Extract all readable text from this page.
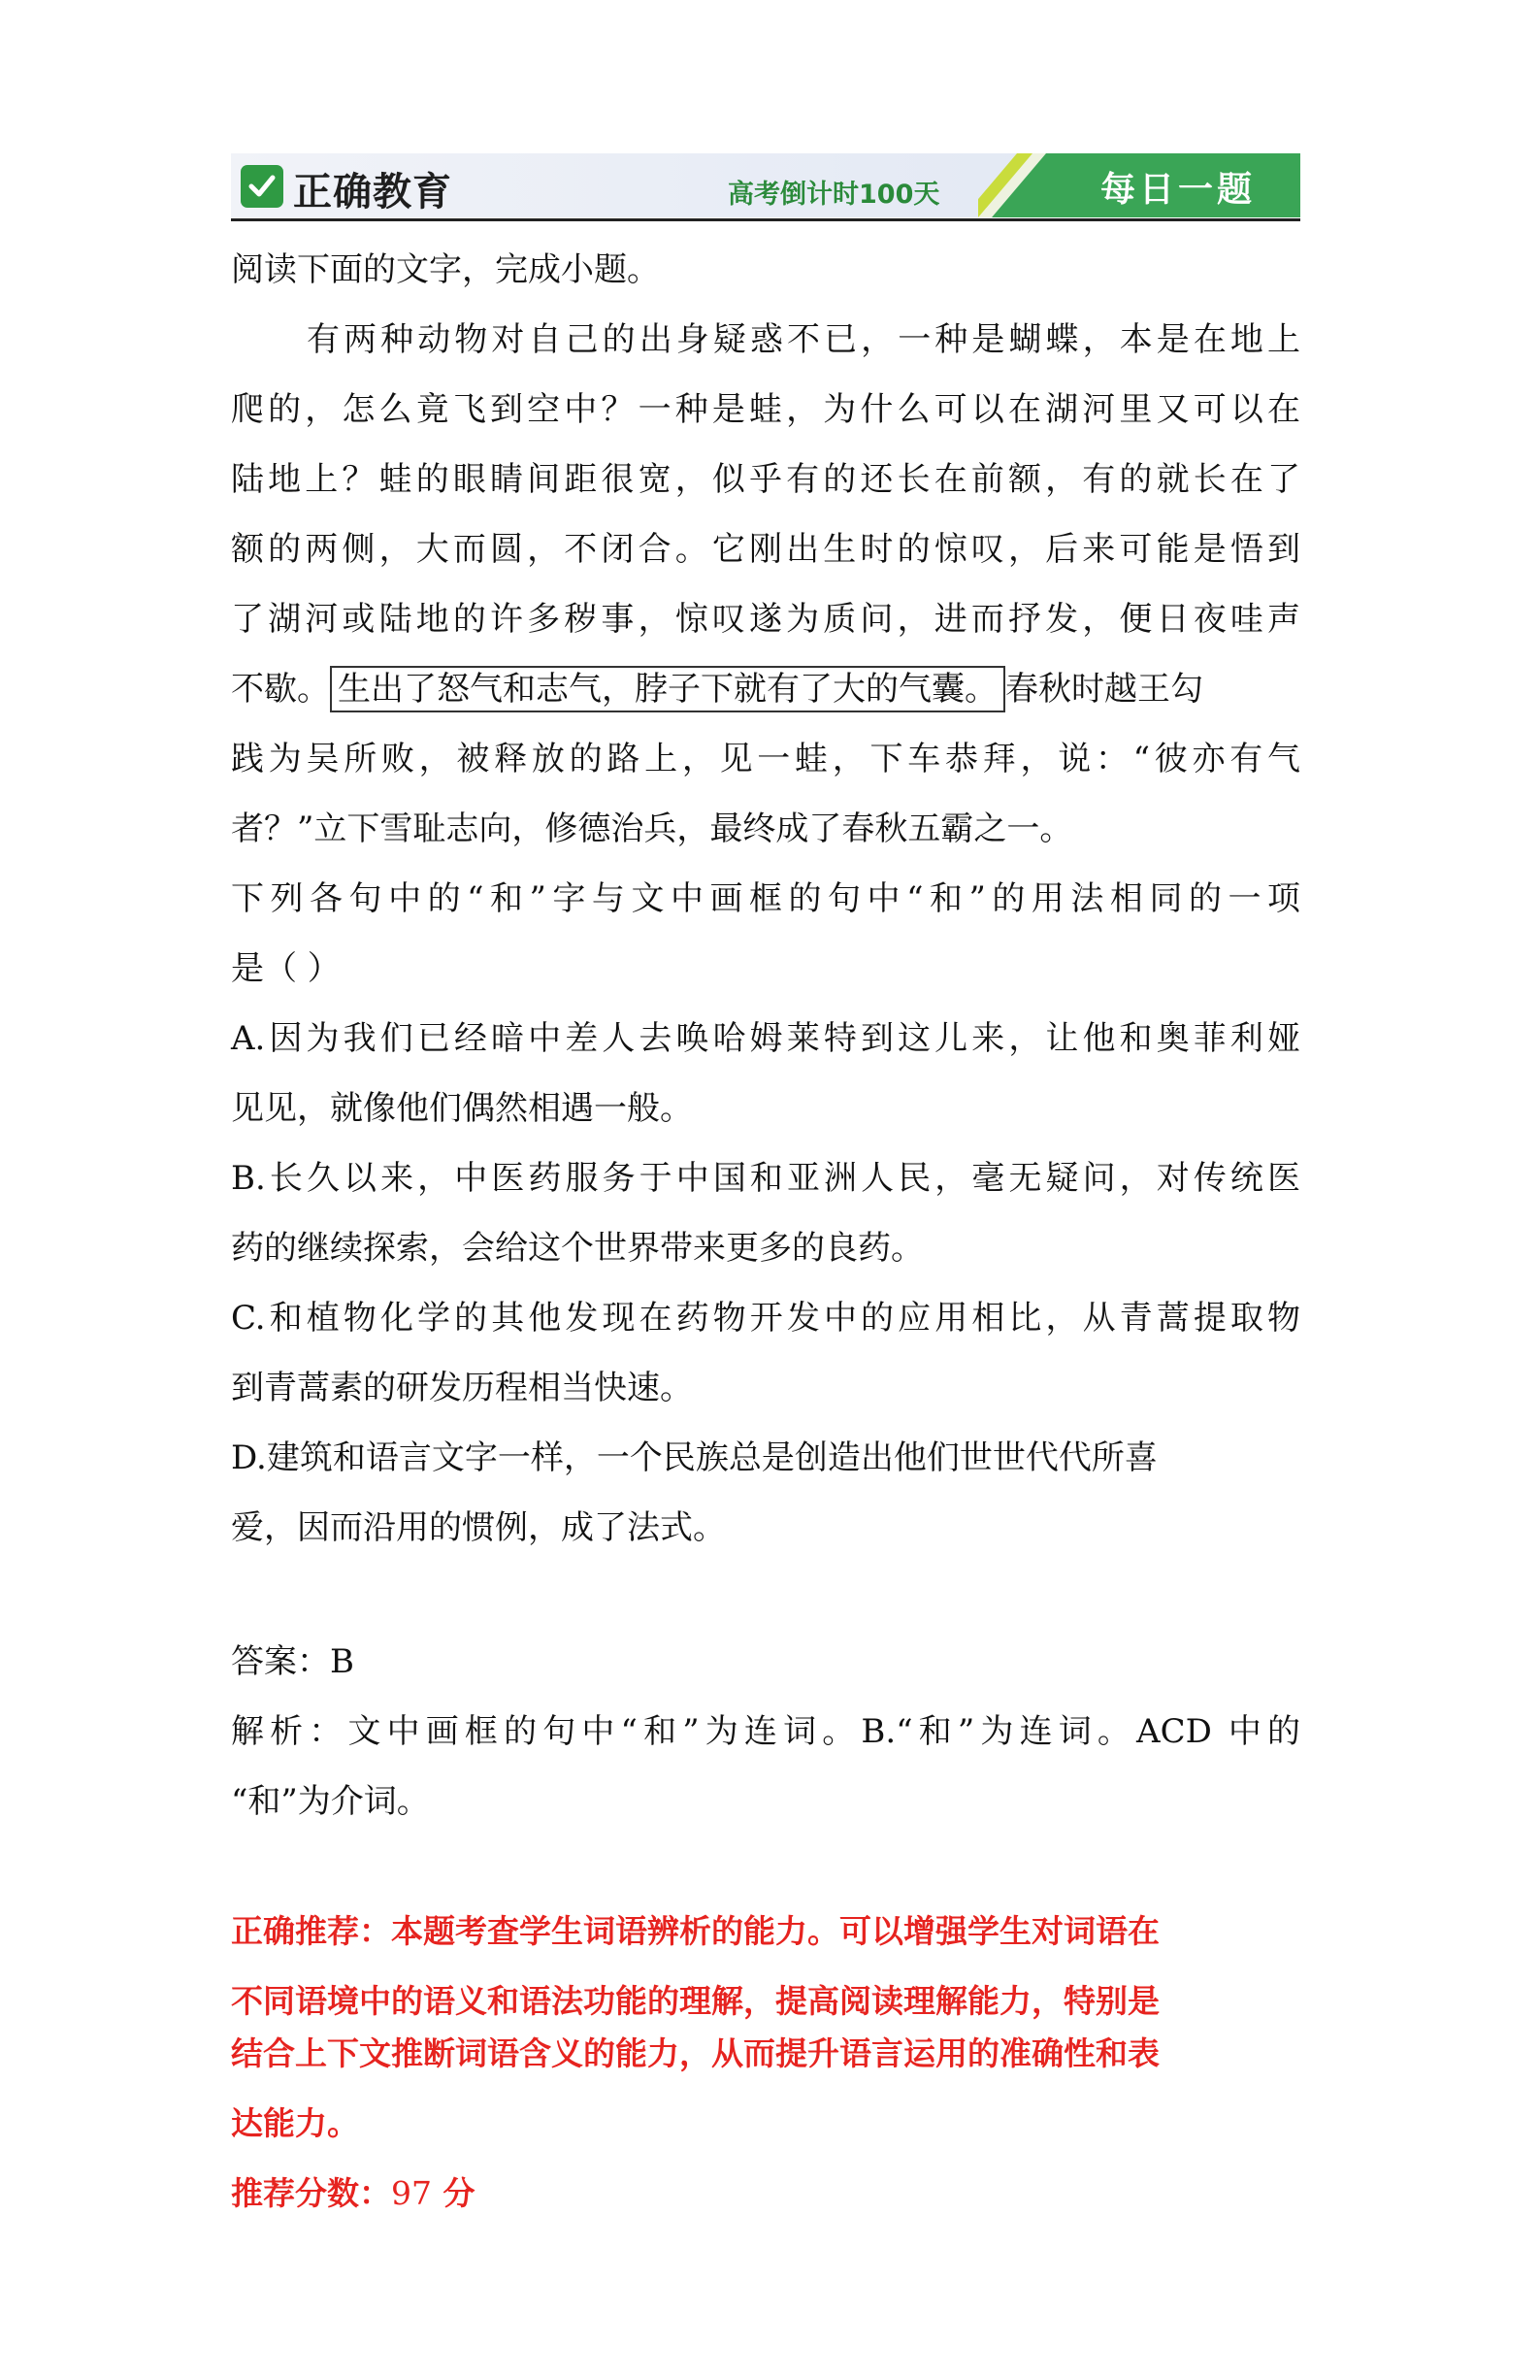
正确教育	高考倒计时100天	每日一题
阅读下面的文字，完成小题。
有两种动物对自己的出身疑惑不已，一种是蝴蝶，本是在地上
爬的，怎么竟飞到空中？一种是蛙，为什么可以在湖河里又可以在
陆地上？蛙的眼睛间距很宽，似乎有的还长在前额，有的就长在了
额的两侧，大而圆，不闭合。它刚出生时的惊叹，后来可能是悟到
了湖河或陆地的许多秽事，惊叹遂为质问，进而抒发，便日夜哇声
不歇。 生出了怒气和志气，脖子下就有了大的气囊。 春秋时越王勾
践为吴所败，被释放的路上，见一蛙，下车恭拜，说：“彼亦有气
者？”立下雪耻志向，修德治兵，最终成了春秋五霸之一。
下列各句中的“和”字与文中画框的句中“和”的用法相同的一项
是（ ）
A.因为我们已经暗中差人去唤哈姆莱特到这儿来，让他和奥菲利娅
见见，就像他们偶然相遇一般。
B.长久以来，中医药服务于中国和亚洲人民，毫无疑问，对传统医
药的继续探索，会给这个世界带来更多的良药。
C.和植物化学的其他发现在药物开发中的应用相比，从青蒿提取物
到青蒿素的研发历程相当快速。
D.建筑和语言文字一样，一个民族总是创造出他们世世代代所喜
爱，因而沿用的惯例，成了法式。
答案：B
解析：文中画框的句中“和”为连词。B.“和”为连词。ACD 中的
“和”为介词。
正确推荐：本题考查学生词语辨析的能力。可以增强学生对词语在
不同语境中的语义和语法功能的理解，提高阅读理解能力，特别是
结合上下文推断词语含义的能力，从而提升语言运用的准确性和表
达能力。
推荐分数：97 分
